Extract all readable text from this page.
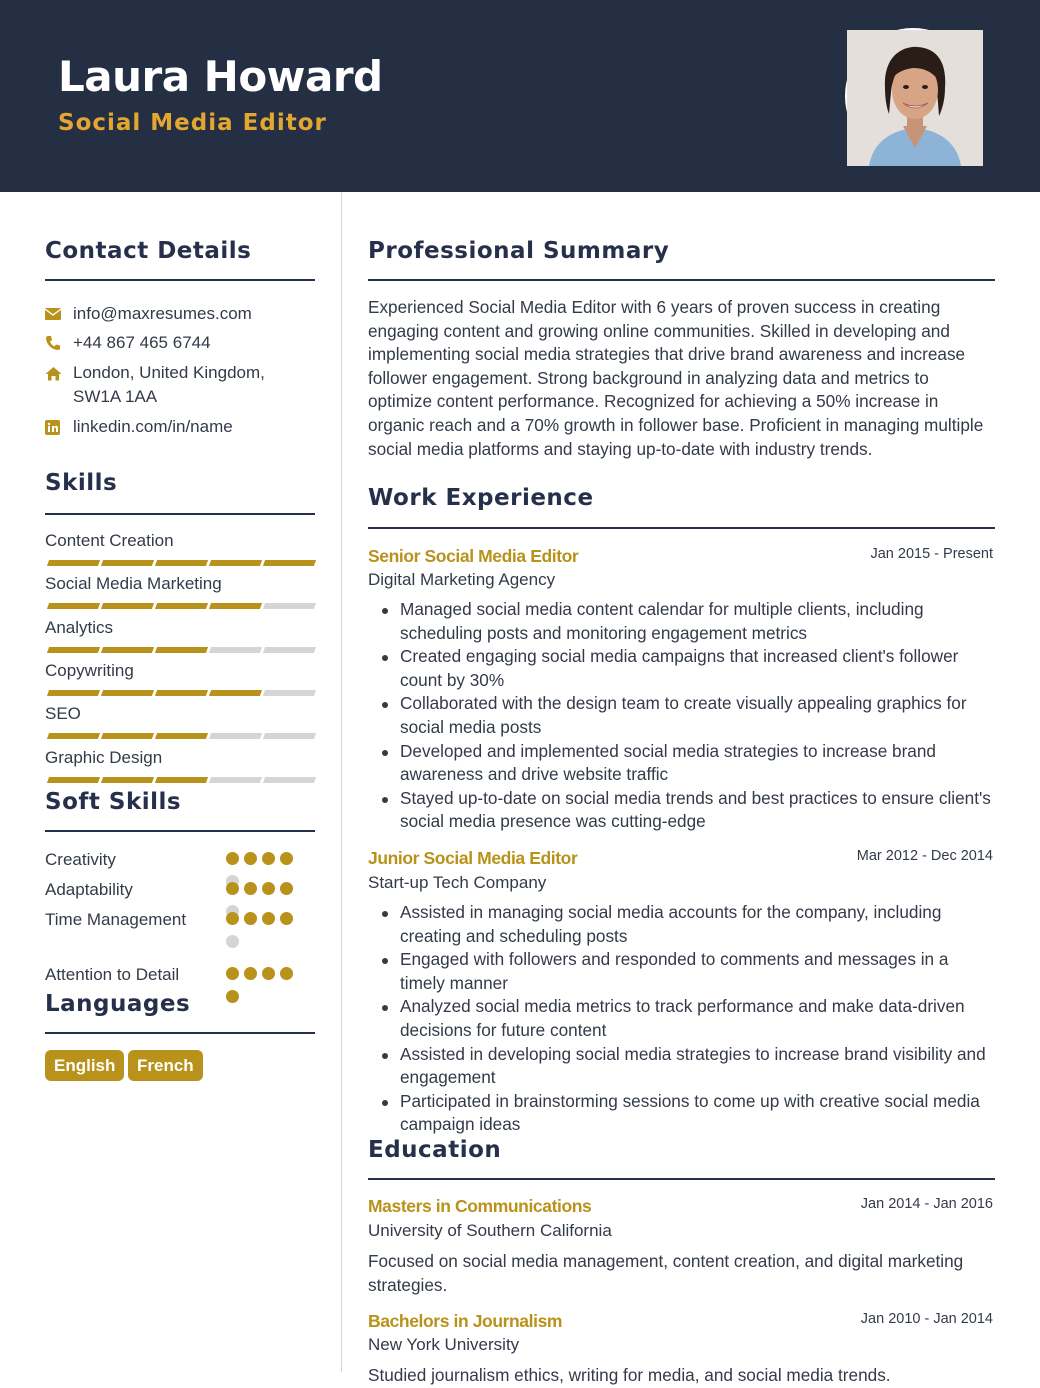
Laura Howard
Social Media Editor
Contact Details
info@maxresumes.com
+44 867 465 6744
London, United Kingdom, SW1A 1AA
linkedin.com/in/name
Skills
Content Creation
Social Media Marketing
Analytics
Copywriting
SEO
Graphic Design
Soft Skills
Creativity
Adaptability
Time Management
Attention to Detail
Languages
English	French
Professional Summary
Experienced Social Media Editor with 6 years of proven success in creating engaging content and growing online communities. Skilled in developing and implementing social media strategies that drive brand awareness and increase follower engagement. Strong background in analyzing data and metrics to optimize content performance. Recognized for achieving a 50% increase in organic reach and a 70% growth in follower base. Proficient in managing multiple social media platforms and staying up-to-date with industry trends.
Work Experience
Senior Social Media Editor	Jan 2015 - Present
Digital Marketing Agency
Managed social media content calendar for multiple clients, including scheduling posts and monitoring engagement metrics
Created engaging social media campaigns that increased client's follower count by 30%
Collaborated with the design team to create visually appealing graphics for social media posts
Developed and implemented social media strategies to increase brand awareness and drive website traffic
Stayed up-to-date on social media trends and best practices to ensure client's social media presence was cutting-edge
Junior Social Media Editor	Mar 2012 - Dec 2014
Start-up Tech Company
Assisted in managing social media accounts for the company, including creating and scheduling posts
Engaged with followers and responded to comments and messages in a timely manner
Analyzed social media metrics to track performance and make data-driven decisions for future content
Assisted in developing social media strategies to increase brand visibility and engagement
Participated in brainstorming sessions to come up with creative social media campaign ideas
Education
Masters in Communications	Jan 2014 - Jan 2016
University of Southern California
Focused on social media management, content creation, and digital marketing strategies.
Bachelors in Journalism	Jan 2010 - Jan 2014
New York University
Studied journalism ethics, writing for media, and social media trends.
